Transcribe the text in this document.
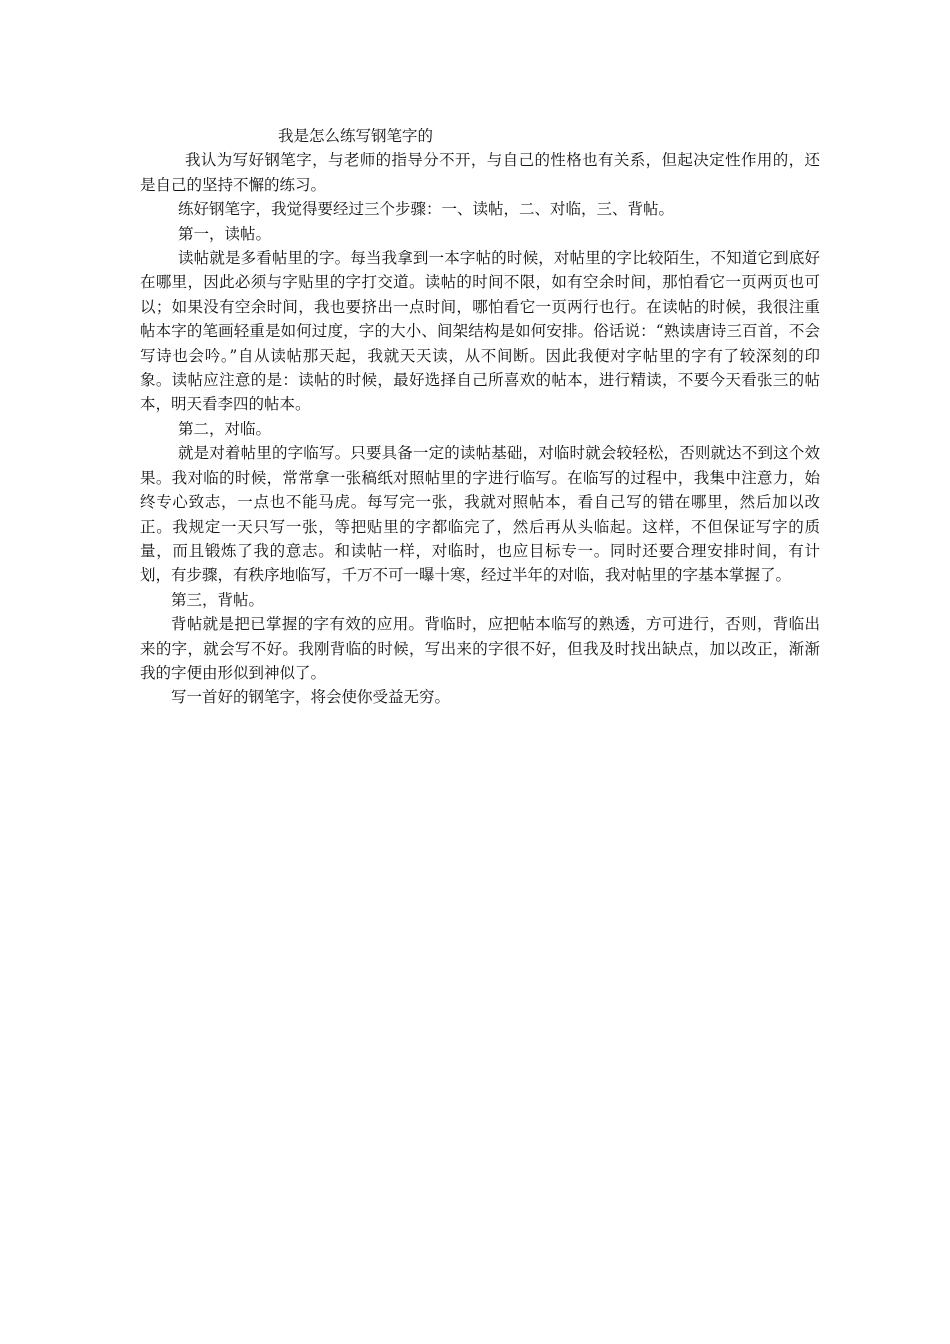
我是怎么练写钢笔字的

我认为写好钢笔字，与老师的指导分不开，与自己的性格也有关系，但起决定性作用的，还是自己的坚持不懈的练习。

练好钢笔字，我觉得要经过三个步骤：一、读帖，二、对临，三、背帖。

第一，读帖。

读帖就是多看帖里的字。每当我拿到一本字帖的时候，对帖里的字比较陌生，不知道它到底好在哪里，因此必须与字贴里的字打交道。读帖的时间不限，如有空余时间，那怕看它一页两页也可以；如果没有空余时间，我也要挤出一点时间，哪怕看它一页两行也行。在读帖的时候，我很注重帖本字的笔画轻重是如何过度，字的大小、间架结构是如何安排。俗话说：“熟读唐诗三百首，不会写诗也会吟。”自从读帖那天起，我就天天读，从不间断。因此我便对字帖里的字有了较深刻的印象。读帖应注意的是：读帖的时候，最好选择自己所喜欢的帖本，进行精读，不要今天看张三的帖本，明天看李四的帖本。

第二，对临。

就是对着帖里的字临写。只要具备一定的读帖基础，对临时就会较轻松，否则就达不到这个效果。我对临的时候，常常拿一张稿纸对照帖里的字进行临写。在临写的过程中，我集中注意力，始终专心致志，一点也不能马虎。每写完一张，我就对照帖本，看自己写的错在哪里，然后加以改正。我规定一天只写一张，等把贴里的字都临完了，然后再从头临起。这样，不但保证写字的质量，而且锻炼了我的意志。和读帖一样，对临时，也应目标专一。同时还要合理安排时间，有计划，有步骤，有秩序地临写，千万不可一曝十寒，经过半年的对临，我对帖里的字基本掌握了。

第三，背帖。

背帖就是把已掌握的字有效的应用。背临时，应把帖本临写的熟透，方可进行，否则，背临出来的字，就会写不好。我刚背临的时候，写出来的字很不好，但我及时找出缺点，加以改正，渐渐我的字便由形似到神似了。

写一首好的钢笔字，将会使你受益无穷。
